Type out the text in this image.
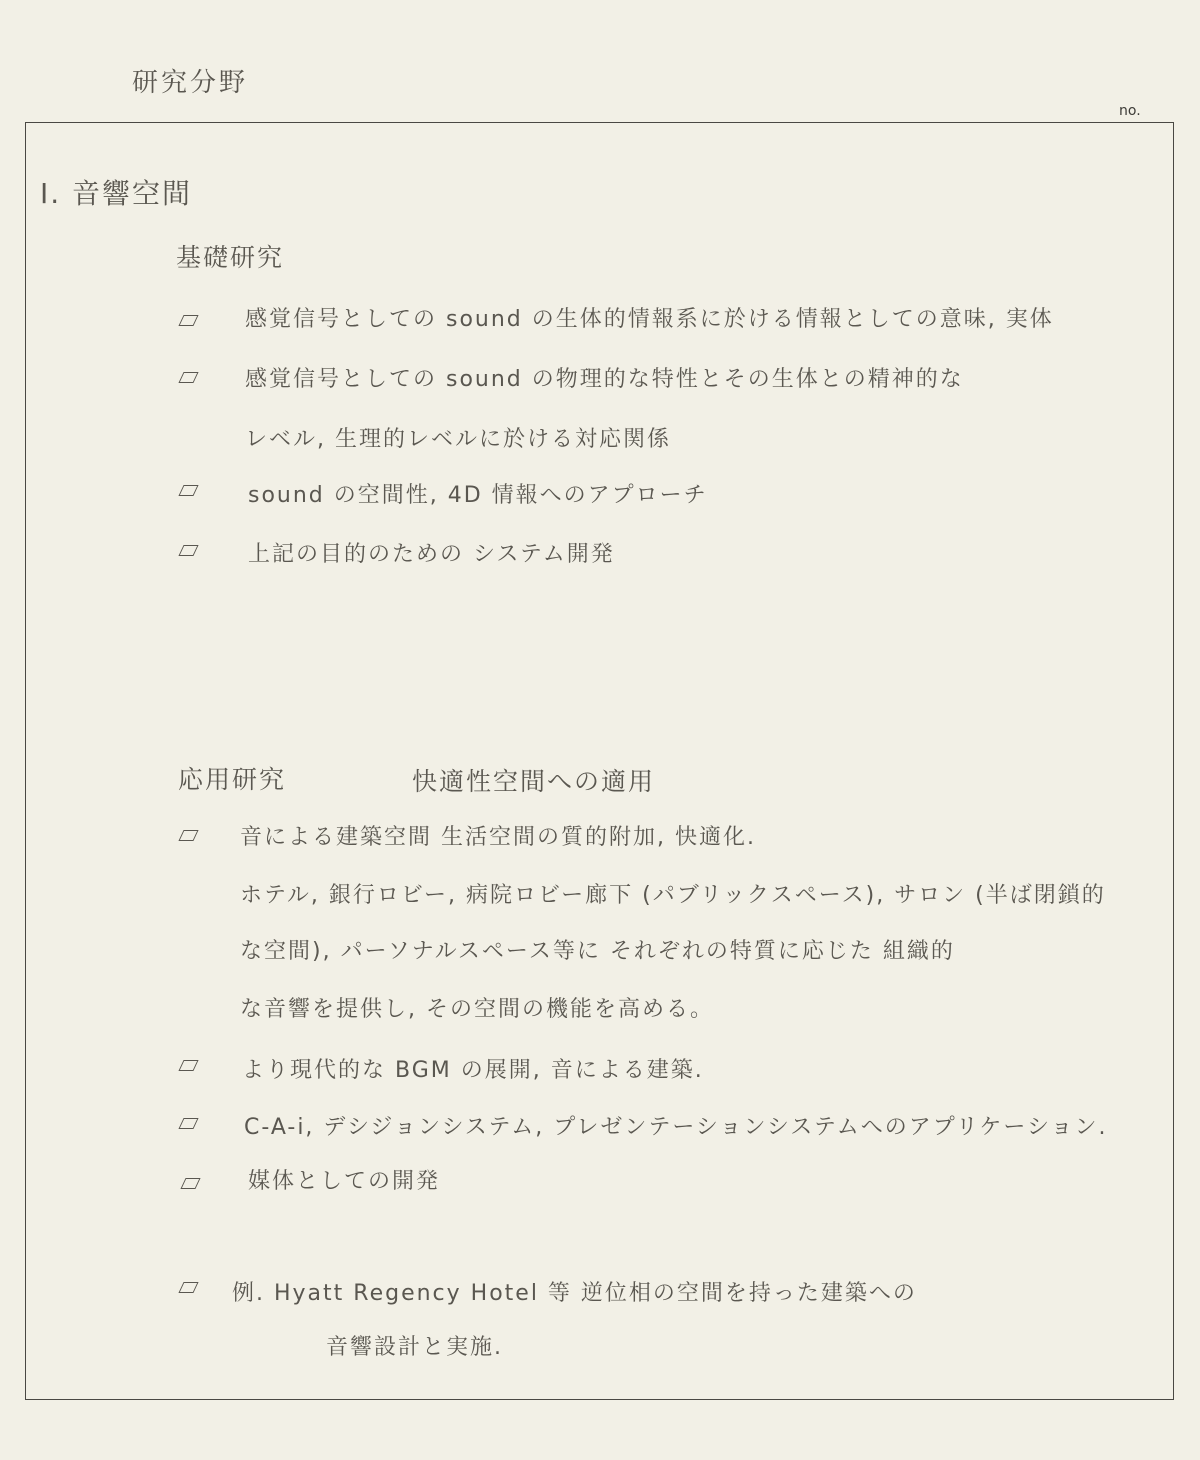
研究分野
no.
I. 音響空間
基礎研究
感覚信号としての sound の生体的情報系に於ける情報としての意味, 実体
感覚信号としての sound の物理的な特性とその生体との精神的な
レベル, 生理的レベルに於ける対応関係
sound の空間性, 4D 情報へのアプローチ
上記の目的のための システム開発
応用研究	快適性空間への適用
音による建築空間 生活空間の質的附加, 快適化.
ホテル, 銀行ロビー, 病院ロビー廊下 (パブリックスペース), サロン (半ば閉鎖的
な空間), パーソナルスペース等に それぞれの特質に応じた 組織的
な音響を提供し, その空間の機能を高める。
より現代的な BGM の展開, 音による建築.
C-A-i, デシジョンシステム, プレゼンテーションシステムへのアプリケーション.
媒体としての開発
例. Hyatt Regency Hotel 等 逆位相の空間を持った建築への
音響設計と実施.
